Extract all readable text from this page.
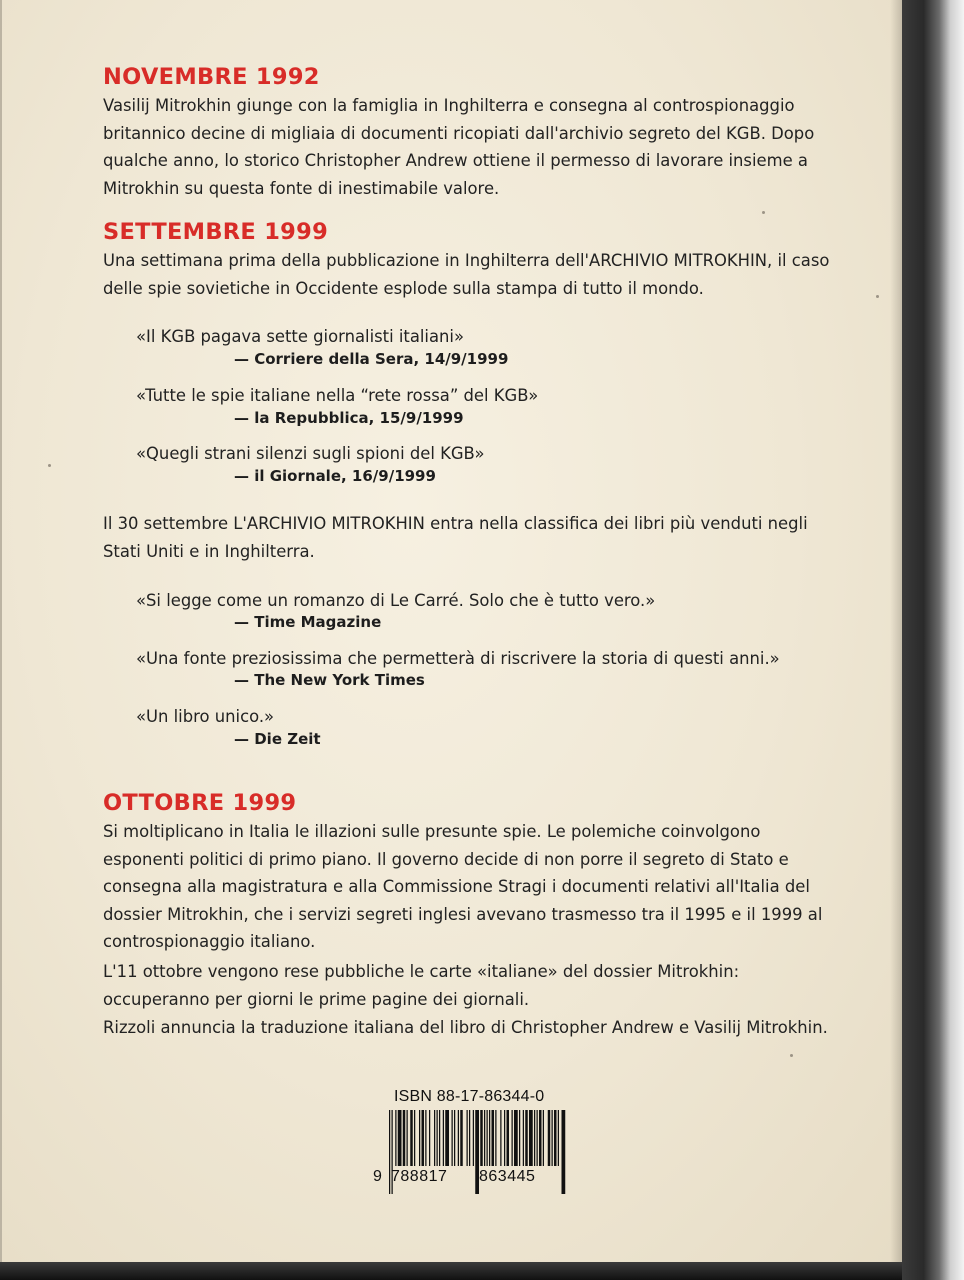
NOVEMBRE 1992

Vasilij Mitrokhin giunge con la famiglia in Inghilterra e consegna al controspionaggio britannico decine di migliaia di documenti ricopiati dall'archivio segreto del KGB. Dopo qualche anno, lo storico Christopher Andrew ottiene il permesso di lavorare insieme a Mitrokhin su questa fonte di inestimabile valore.

SETTEMBRE 1999

Una settimana prima della pubblicazione in Inghilterra dell'ARCHIVIO MITROKHIN, il caso delle spie sovietiche in Occidente esplode sulla stampa di tutto il mondo.

«Il KGB pagava sette giornalisti italiani»

— Corriere della Sera, 14/9/1999

«Tutte le spie italiane nella “rete rossa” del KGB»

— la Repubblica, 15/9/1999

«Quegli strani silenzi sugli spioni del KGB»

— il Giornale, 16/9/1999

Il 30 settembre L'ARCHIVIO MITROKHIN entra nella classifica dei libri più venduti negli Stati Uniti e in Inghilterra.

«Si legge come un romanzo di Le Carré. Solo che è tutto vero.»

— Time Magazine

«Una fonte preziosissima che permetterà di riscrivere la storia di questi anni.»

— The New York Times

«Un libro unico.»

— Die Zeit

OTTOBRE 1999

Si moltiplicano in Italia le illazioni sulle presunte spie. Le polemiche coinvolgono esponenti politici di primo piano. Il governo decide di non porre il segreto di Stato e consegna alla magistratura e alla Commissione Stragi i documenti relativi all'Italia del dossier Mitrokhin, che i servizi segreti inglesi avevano trasmesso tra il 1995 e il 1999 al controspionaggio italiano.

L'11 ottobre vengono rese pubbliche le carte «italiane» del dossier Mitrokhin: occuperanno per giorni le prime pagine dei giornali.

Rizzoli annuncia la traduzione italiana del libro di Christopher Andrew e Vasilij Mitrokhin.

ISBN 88-17-86344-0

9 788817 863445
